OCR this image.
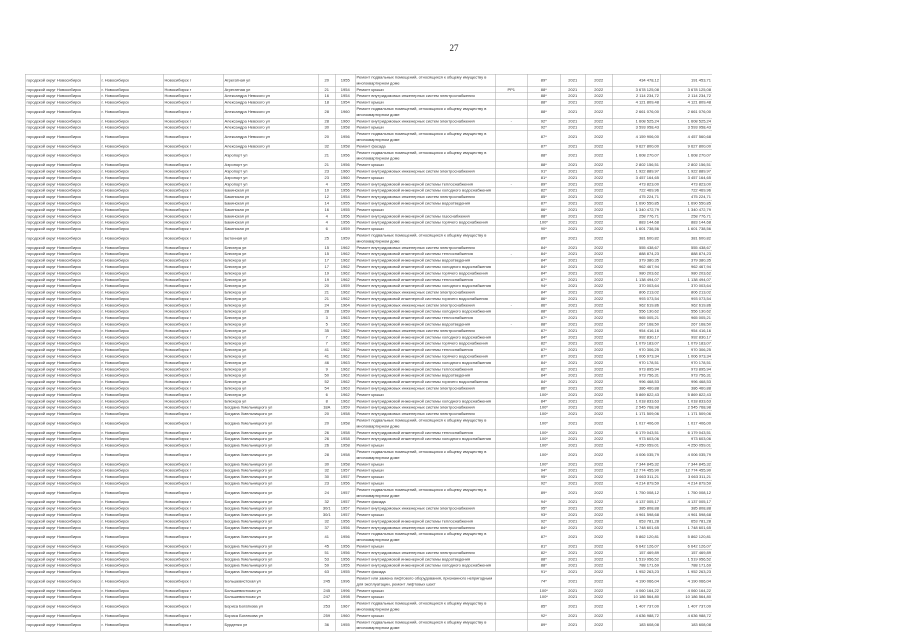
27
городской округ Новосибирск	г. Новосибирск	Новосибирск г	Агрегатная ул	20	1955	Ремонт подвальных помещений, относящихся к общему имуществу в многоквартирном доме		89*	2021	2022	434 478,12	191 453,71
городской округ Новосибирск	г. Новосибирск	Новосибирск г	Агрегатная ул	21	1954	Ремонт крыши	РР1	88*	2021	2022	3 678 125,08	3 678 125,08
городской округ Новосибирск	г. Новосибирск	Новосибирск г	Александра Невского ул	16	1954	Ремонт внутридомовых инженерных систем электроснабжения		88*	2021	2022	2 114 234,72	2 114 234,72
городской округ Новосибирск	г. Новосибирск	Новосибирск г	Александра Невского ул	18	1954	Ремонт крыши		88*	2021	2022	4 121 809,48	4 121 809,48
городской округ Новосибирск	г. Новосибирск	Новосибирск г	Александра Невского ул	28	1960	Ремонт подвальных помещений, относящихся к общему имуществу в многоквартирном доме		88*	2021	2022	2 661 076,00	2 661 076,00
городской округ Новосибирск	г. Новосибирск	Новосибирск г	Александра Невского ул	28	1960	Ремонт внутридомовых инженерных систем электроснабжения	-	92*	2021	2022	1 608 525,24	1 608 525,24
городской округ Новосибирск	г. Новосибирск	Новосибирск г	Александра Невского ул	30	1958	Ремонт крыши		92*	2021	2022	3 593 958,43	3 593 958,43
городской округ Новосибирск	г. Новосибирск	Новосибирск г	Александра Невского ул	20	1956	Ремонт подвальных помещений, относящихся к общему имуществу в многоквартирном доме		87*	2021	2022	4 159 906,00	4 457 560,68
городской округ Новосибирск	г. Новосибирск	Новосибирск г	Александра Невского ул	32	1958	Ремонт фасада		87*	2021	2022	9 627 800,00	9 627 800,00
городской округ Новосибирск	г. Новосибирск	Новосибирск г	Аэропорт ул	21	1956	Ремонт подвальных помещений, относящихся к общему имуществу в многоквартирном доме		88*	2021	2022	1 608 270,07	1 608 270,07
городской округ Новосибирск	г. Новосибирск	Новосибирск г	Аэропорт ул	21	1956	Ремонт крыши		88*	2021	2022	2 802 156,51	2 802 156,51
городской округ Новосибирск	г. Новосибирск	Новосибирск г	Аэропорт ул	23	1960	Ремонт внутридомовых инженерных систем электроснабжения		91*	2021	2022	1 922 889,97	1 922 889,97
городской округ Новосибирск	г. Новосибирск	Новосибирск г	Аэропорт ул	23	1960	Ремонт крыши		81*	2021	2022	3 457 164,65	3 457 164,65
городской округ Новосибирск	г. Новосибирск	Новосибирск г	Аэропорт ул	4	1955	Ремонт внутридомовой инженерной системы теплоснабжения	-	89*	2021	2022	473 823,00	473 823,00
городской округ Новосибирск	г. Новосибирск	Новосибирск г	Бакинская ул	10	1956	Ремонт внутридомовой инженерной системы холодного водоснабжения		82*	2021	2022	722 469,96	722 469,96
городской округ Новосибирск	г. Новосибирск	Новосибирск г	Бакинская ул	12	1954	Ремонт внутридомовых инженерных систем электроснабжения		85*	2021	2022	475 224,71	475 224,71
городской округ Новосибирск	г. Новосибирск	Новосибирск г	Бакинская ул	14	1955	Ремонт внутридомовой инженерной системы водоотведения		87*	2021	2022	1 690 550,85	1 690 550,85
городской округ Новосибирск	г. Новосибирск	Новосибирск г	Бакинская ул	16	1955	Ремонт крыши		86*	2021	2022	1 340 472,79	1 340 472,79
городской округ Новосибирск	г. Новосибирск	Новосибирск г	Бакинская ул	4	1956	Ремонт внутридомовой инженерной системы газоснабжения		88*	2021	2022	258 776,71	258 776,71
городской округ Новосибирск	г. Новосибирск	Новосибирск г	Бакинская ул	4	1956	Ремонт внутридомовой инженерной системы горячего водоснабжения		100*	2021	2022	883 144,68	883 144,68
городской округ Новосибирск	г. Новосибирск	Новосибирск г	Бакинская ул	6	1959	Ремонт крыши		90*	2021	2022	1 601 738,56	1 601 738,56
городской округ Новосибирск	г. Новосибирск	Новосибирск г	Бетонная ул	25	1959	Ремонт подвальных помещений, относящихся к общему имуществу в многоквартирном доме		89*	2021	2022	381 600,82	381 600,82
городской округ Новосибирск	г. Новосибирск	Новосибирск г	Блюхера ул	15	1962	Ремонт внутридомовых инженерных систем электроснабжения		84*	2021	2022	555 438,67	555 438,67
городской округ Новосибирск	г. Новосибирск	Новосибирск г	Блюхера ул	15	1962	Ремонт внутридомовой инженерной системы теплоснабжения	-	84*	2021	2022	888 874,23	888 874,23
городской округ Новосибирск	г. Новосибирск	Новосибирск г	Блюхера ул	17	1962	Ремонт внутридомовой инженерной системы водоотведения		84*	2021	2022	379 380,35	379 380,35
городской округ Новосибирск	г. Новосибирск	Новосибирск г	Блюхера ул	17	1962	Ремонт внутридомовой инженерной системы холодного водоснабжения		84*	2021	2022	962 467,94	962 467,94
городской округ Новосибирск	г. Новосибирск	Новосибирск г	Блюхера ул	19	1962	Ремонт внутридомовой инженерной системы горячего водоснабжения		84*	2021	2022	980 203,62	980 203,62
городской округ Новосибирск	г. Новосибирск	Новосибирск г	Блюхера ул	19	1962	Ремонт внутридомовой инженерной системы теплоснабжения		87*	2021	2022	1 138 494,07	1 138 494,07
городской округ Новосибирск	г. Новосибирск	Новосибирск г	Блюхера ул	20	1959	Ремонт внутридомовой инженерной системы холодного водоснабжения		94*	2021	2022	370 003,64	370 003,64
городской округ Новосибирск	г. Новосибирск	Новосибирск г	Блюхера ул	21	1962	Ремонт внутридомовых инженерных систем электроснабжения		84*	2021	2022	806 213,02	806 213,02
городской округ Новосибирск	г. Новосибирск	Новосибирск г	Блюхера ул	21	1962	Ремонт внутридомовой инженерной системы горячего водоснабжения		86*	2021	2022	993 073,54	993 073,54
городской округ Новосибирск	г. Новосибирск	Новосибирск г	Блюхера ул	24	1964	Ремонт внутридомовых инженерных систем электроснабжения	-	86*	2021	2022	962 619,86	962 619,86
городской округ Новосибирск	г. Новосибирск	Новосибирск г	Блюхера ул	28	1959	Ремонт внутридомовой инженерной системы холодного водоснабжения		88*	2021	2022	556 130,62	556 130,62
городской округ Новосибирск	г. Новосибирск	Новосибирск г	Блюхера ул	3	1963	Ремонт внутридомовой инженерной системы теплоснабжения		87*	2021	2022	965 005,21	965 005,21
городской округ Новосибирск	г. Новосибирск	Новосибирск г	Блюхера ул	5	1962	Ремонт внутридомовой инженерной системы водоотведения	-	88*	2021	2022	267 168,50	267 168,50
городской округ Новосибирск	г. Новосибирск	Новосибирск г	Блюхера ул	35	1962	Ремонт внутридомовых инженерных систем электроснабжения		87*	2021	2022	954 416,16	954 416,16
городской округ Новосибирск	г. Новосибирск	Новосибирск г	Блюхера ул	7	1962	Ремонт внутридомовой инженерной системы холодного водоснабжения		84*	2021	2022	992 830,17	992 830,17
городской округ Новосибирск	г. Новосибирск	Новосибирск г	Блюхера ул	7	1962	Ремонт внутридомовой инженерной системы горячего водоснабжения		82*	2021	2022	1 079 183,07	1 079 183,07
городской округ Новосибирск	г. Новосибирск	Новосибирск г	Блюхера ул	41	1962	Ремонт внутридомовой инженерной системы теплоснабжения		87*	2021	2022	970 306,25	970 306,25
городской округ Новосибирск	г. Новосибирск	Новосибирск г	Блюхера ул	41	1962	Ремонт внутридомовой инженерной системы горячего водоснабжения		87*	2021	2022	1 006 973,34	1 006 973,34
городской округ Новосибирск	г. Новосибирск	Новосибирск г	Блюхера ул	46	1963	Ремонт внутридомовой инженерной системы холодного водоснабжения		84*	2021	2022	970 178,51	970 178,51
городской округ Новосибирск	г. Новосибирск	Новосибирск г	Блюхера ул	9	1962	Ремонт внутридомовой инженерной системы теплоснабжения		82*	2021	2022	973 895,94	973 895,94
городской округ Новосибирск	г. Новосибирск	Новосибирск г	Блюхера ул	50	1962	Ремонт внутридомовой инженерной системы водоотведения		84*	2021	2022	973 756,31	973 756,31
городской округ Новосибирск	г. Новосибирск	Новосибирск г	Блюхера ул	52	1962	Ремонт внутридомовой инженерной системы горячего водоснабжения		84*	2021	2022	996 468,53	996 468,53
городской округ Новосибирск	г. Новосибирск	Новосибирск г	Блюхера ул	54	1963	Ремонт внутридомовых инженерных систем электроснабжения		86*	2021	2022	386 460,88	386 460,88
городской округ Новосибирск	г. Новосибирск	Новосибирск г	Блюхера ул	6	1962	Ремонт крыши		100*	2021	2022	5 869 822,43	5 869 822,43
городской округ Новосибирск	г. Новосибирск	Новосибирск г	Блюхера ул	8	1962	Ремонт внутридомовой инженерной системы холодного водоснабжения		84*	2021	2022	1 018 833,63	1 018 833,63
городской округ Новосибирск	г. Новосибирск	Новосибирск г	Богдана Хмельницкого ул	18А	1959	Ремонт внутридомовых инженерных систем электроснабжения		100*	2021	2022	2 545 768,98	2 545 768,98
городской округ Новосибирск	г. Новосибирск	Новосибирск г	Богдана Хмельницкого ул	20	1958	Ремонт внутридомовых инженерных систем электроснабжения		100*	2021	2022	1 171 509,06	1 171 509,06
городской округ Новосибирск	г. Новосибирск	Новосибирск г	Богдана Хмельницкого ул	20	1958	Ремонт подвальных помещений, относящихся к общему имуществу в многоквартирном доме		100*	2021	2022	1 017 406,00	1 017 406,00
городской округ Новосибирск	г. Новосибирск	Новосибирск г	Богдана Хмельницкого ул	26	1958	Ремонт внутридомовой инженерной системы теплоснабжения		100*	2021	2022	6 179 043,51	6 179 043,51
городской округ Новосибирск	г. Новосибирск	Новосибирск г	Богдана Хмельницкого ул	26	1958	Ремонт внутридомовой инженерной системы холодного водоснабжения		100*	2021	2022	973 603,06	973 603,06
городской округ Новосибирск	г. Новосибирск	Новосибирск г	Богдана Хмельницкого ул	26	1958	Ремонт крыши		100*	2021	2022	4 250 059,01	4 250 059,01
городской округ Новосибирск	г. Новосибирск	Новосибирск г	Богдана Хмельницкого ул	28	1958	Ремонт подвальных помещений, относящихся к общему имуществу в многоквартирном доме		100*	2021	2022	4 006 035,79	4 006 035,79
городской округ Новосибирск	г. Новосибирск	Новосибирск г	Богдана Хмельницкого ул	30	1958	Ремонт крыши		100*	2021	2022	7 344 845,32	7 344 845,32
городской округ Новосибирск	г. Новосибирск	Новосибирск г	Богдана Хмельницкого ул	32	1957	Ремонт крыши		94*	2021	2022	12 774 455,90	12 774 455,90
городской округ Новосибирск	г. Новосибирск	Новосибирск г	Богдана Хмельницкого ул	30	1957	Ремонт крыши		95*	2021	2022	3 663 311,21	3 663 311,21
городской округ Новосибирск	г. Новосибирск	Новосибирск г	Богдана Хмельницкого ул	23	1956	Ремонт крыши		92*	2021	2022	4 214 879,59	4 214 879,59
городской округ Новосибирск	г. Новосибирск	Новосибирск г	Богдана Хмельницкого ул	24	1957	Ремонт подвальных помещений, относящихся к общему имуществу в многоквартирном доме		89*	2021	2022	1 750 008,12	1 750 008,12
городской округ Новосибирск	г. Новосибирск	Новосибирск г	Богдана Хмельницкого ул	32	1957	Ремонт фасада		94*	2021	2022	4 137 005,17	4 137 005,17
городской округ Новосибирск	г. Новосибирск	Новосибирск г	Богдана Хмельницкого ул	30/1	1957	Ремонт внутридомовых инженерных систем электроснабжения		95*	2021	2022	385 808,88	385 808,88
городской округ Новосибирск	г. Новосибирск	Новосибирск г	Богдана Хмельницкого ул	30/1	1957	Ремонт крыши		93*	2021	2022	4 961 598,68	4 961 598,68
городской округ Новосибирск	г. Новосибирск	Новосибирск г	Богдана Хмельницкого ул	32	1956	Ремонт внутридомовой инженерной системы теплоснабжения		92*	2021	2022	653 781,28	653 781,28
городской округ Новосибирск	г. Новосибирск	Новосибирск г	Богдана Хмельницкого ул	37	1956	Ремонт внутридомовых инженерных систем электроснабжения		84*	2021	2022	1 748 601,65	1 748 601,65
городской округ Новосибирск	г. Новосибирск	Новосибирск г	Богдана Хмельницкого ул	41	1956	Ремонт подвальных помещений, относящихся к общему имуществу в многоквартирном доме		87*	2021	2022	5 862 120,81	5 862 120,81
городской округ Новосибирск	г. Новосибирск	Новосибирск г	Богдана Хмельницкого ул	45	1956	Ремонт крыши		81*	2021	2022	6 642 126,07	6 642 126,07
городской округ Новосибирск	г. Новосибирск	Новосибирск г	Богдана Хмельницкого ул	51	1956	Ремонт внутридомовых инженерных систем электроснабжения		82*	2021	2022	157 469,89	157 469,89
городской округ Новосибирск	г. Новосибирск	Новосибирск г	Богдана Хмельницкого ул	53	1956	Ремонт внутридомовой инженерной системы водоотведения		88*	2021	2022	1 519 956,52	1 519 956,52
городской округ Новосибирск	г. Новосибирск	Новосибирск г	Богдана Хмельницкого ул	59	1955	Ремонт внутридомовой инженерной системы холодного водоснабжения		88*	2021	2022	788 171,69	788 171,69
городской округ Новосибирск	г. Новосибирск	Новосибирск г	Богдана Хмельницкого ул	63	1955	Ремонт фасада		91*	2021	2022	1 952 263,23	1 952 263,23
городской округ Новосибирск	г. Новосибирск	Новосибирск г	Большевистская ул	245	1996	Ремонт или замена лифтового оборудования, признанного непригодным для эксплуатации, ремонт лифтовых шахт		74*	2021	2022	4 190 066,04	4 190 066,04
городской округ Новосибирск	г. Новосибирск	Новосибирск г	Большевистская ул	245	1996	Ремонт крыши		100*	2021	2022	4 060 164,22	4 060 164,22
городской округ Новосибирск	г. Новосибирск	Новосибирск г	Большевистская ул	247	1998	Ремонт крыши		100*	2021	2022	10 186 564,80	10 186 564,80
городской округ Новосибирск	г. Новосибирск	Новосибирск г	Бориса Богаткова ул	253	1967	Ремонт подвальных помещений, относящихся к общему имуществу в многоквартирном доме		85*	2021	2022	1 407 737,00	1 407 737,00
городской округ Новосибирск	г. Новосибирск	Новосибирск г	Бориса Богаткова ул	259	1960	Ремонт крыши		92*	2021	2022	4 636 988,72	4 636 988,72
городской округ Новосибирск	г. Новосибирск	Новосибирск г	Бурденко ул	36	1955	Ремонт подвальных помещений, относящихся к общему имуществу в многоквартирном доме		89*	2021	2022	183 608,08	183 608,08
